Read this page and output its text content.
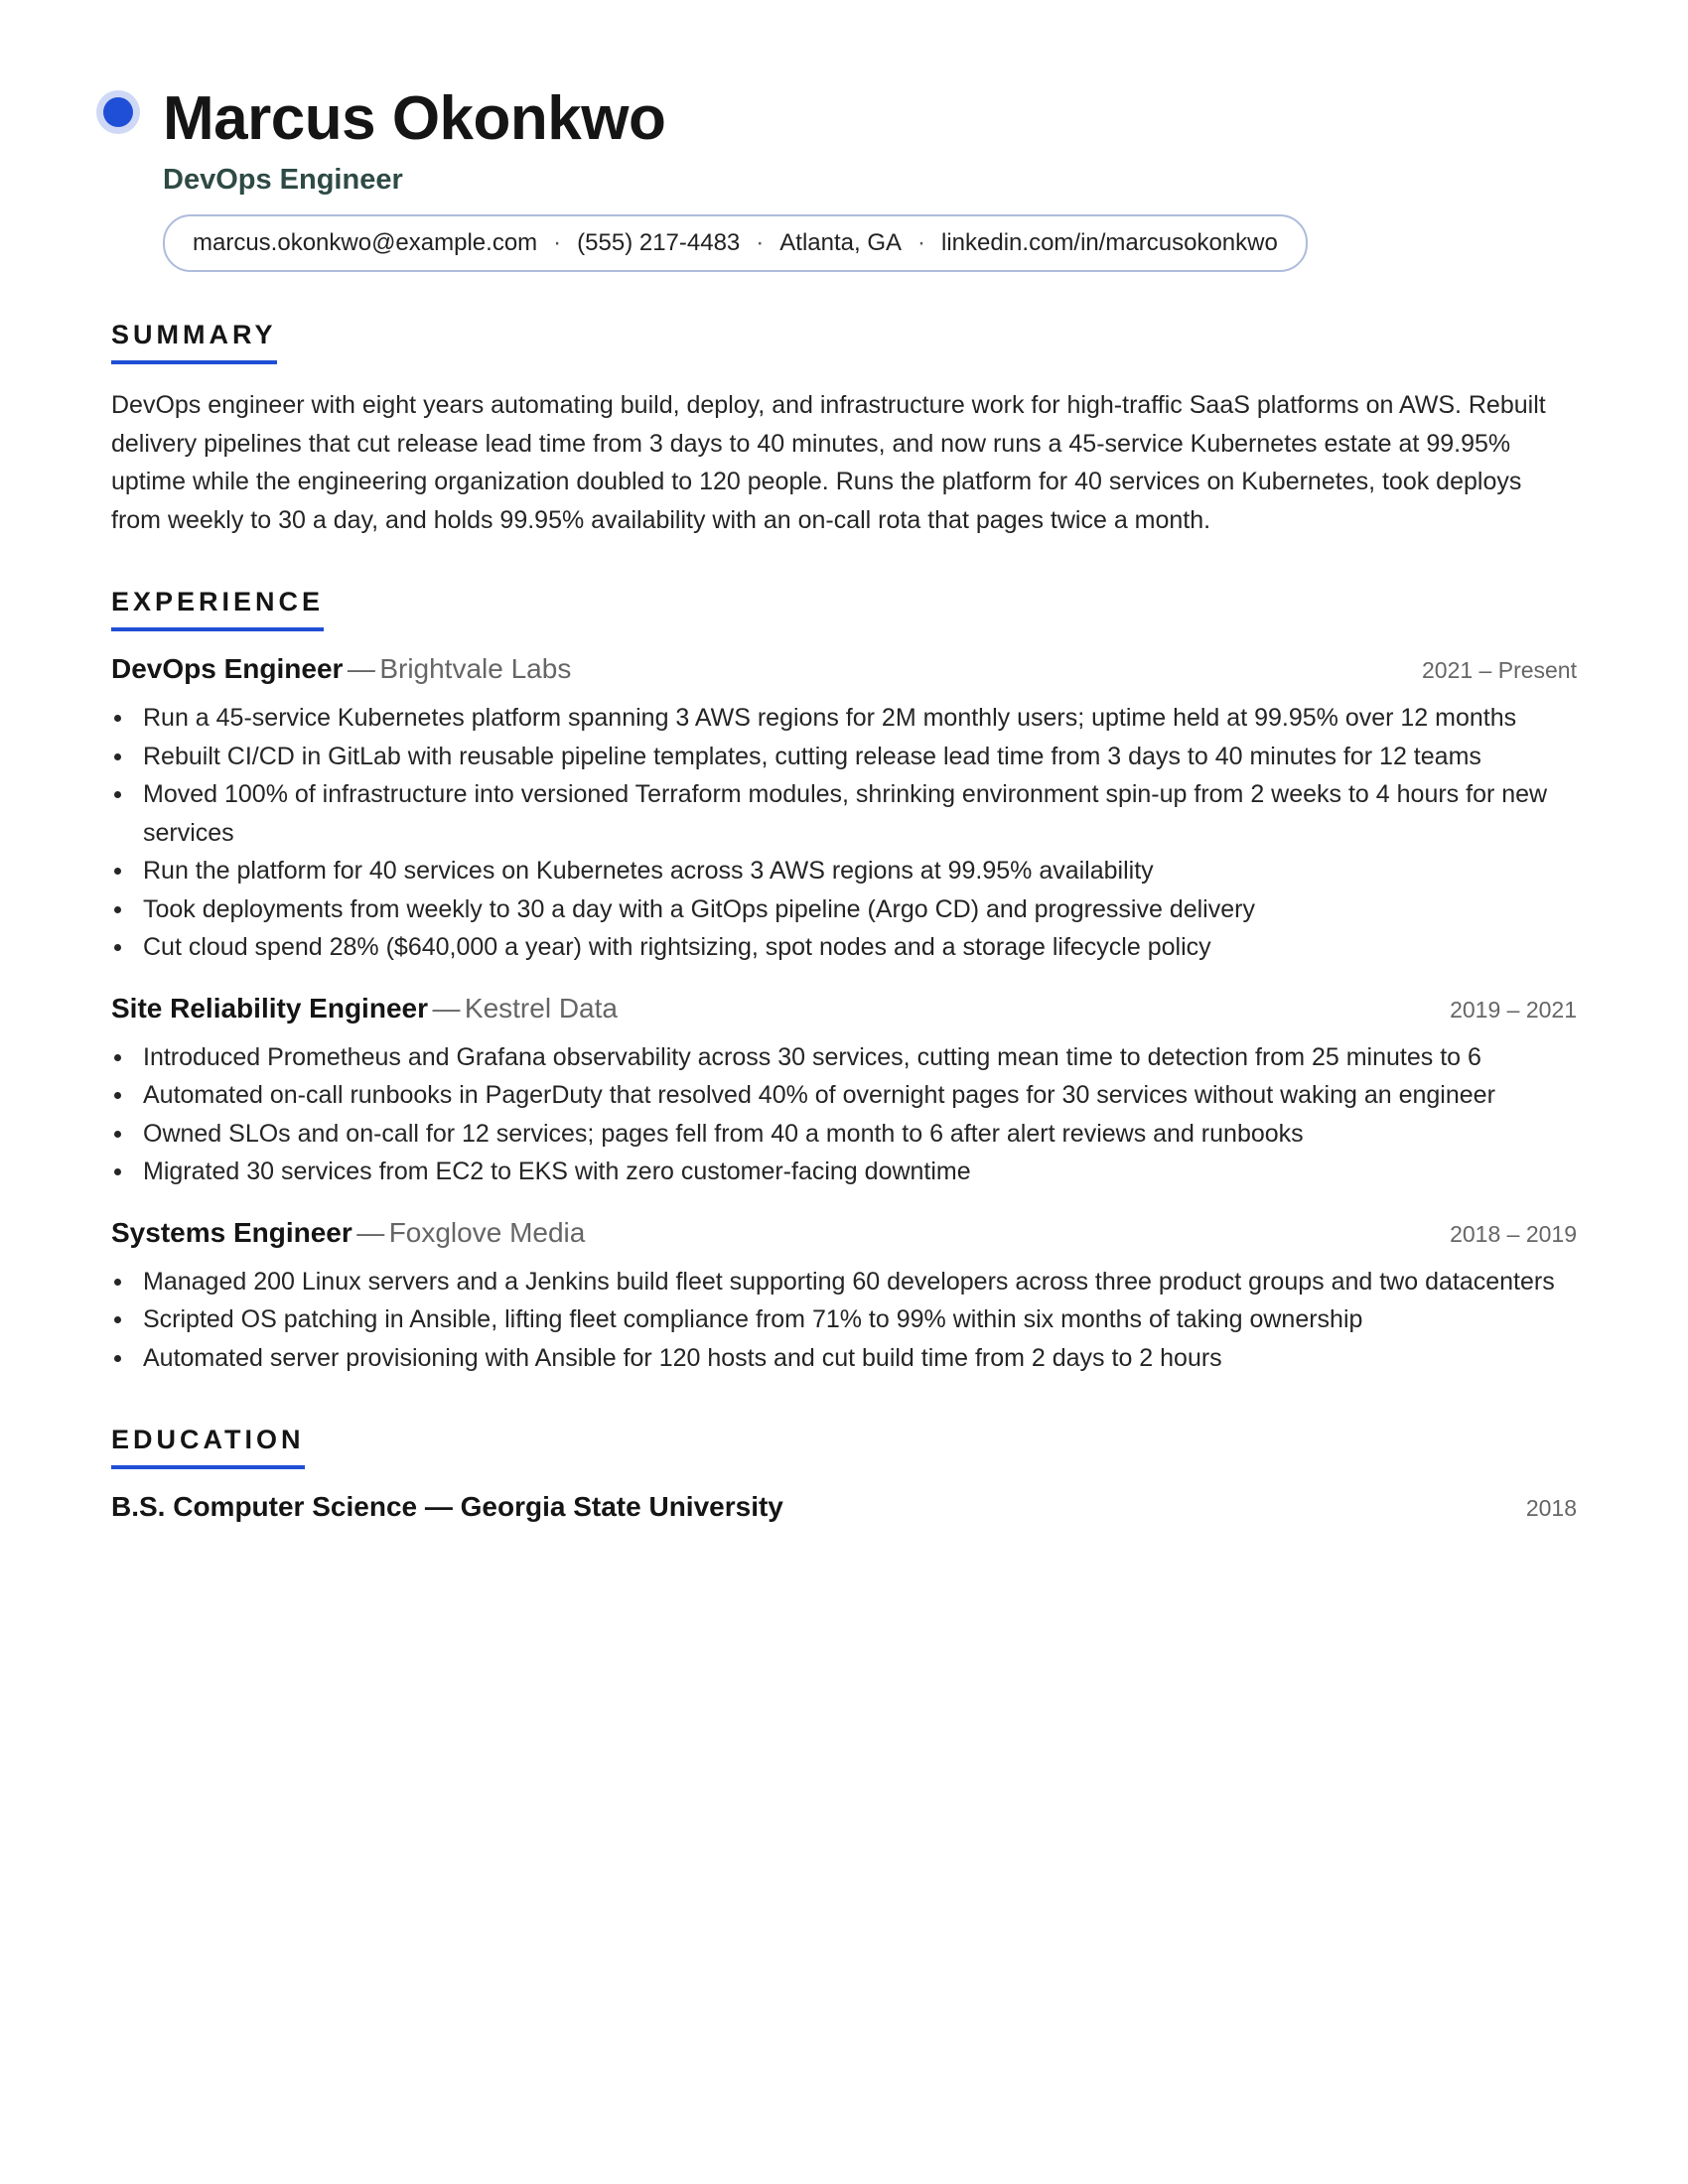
Marcus Okonkwo
DevOps Engineer
marcus.okonkwo@example.com · (555) 217-4483 · Atlanta, GA · linkedin.com/in/marcusokonkwo
SUMMARY
DevOps engineer with eight years automating build, deploy, and infrastructure work for high-traffic SaaS platforms on AWS. Rebuilt delivery pipelines that cut release lead time from 3 days to 40 minutes, and now runs a 45-service Kubernetes estate at 99.95% uptime while the engineering organization doubled to 120 people. Runs the platform for 40 services on Kubernetes, took deploys from weekly to 30 a day, and holds 99.95% availability with an on-call rota that pages twice a month.
EXPERIENCE
DevOps Engineer — Brightvale Labs	2021 – Present
Run a 45-service Kubernetes platform spanning 3 AWS regions for 2M monthly users; uptime held at 99.95% over 12 months
Rebuilt CI/CD in GitLab with reusable pipeline templates, cutting release lead time from 3 days to 40 minutes for 12 teams
Moved 100% of infrastructure into versioned Terraform modules, shrinking environment spin-up from 2 weeks to 4 hours for new services
Run the platform for 40 services on Kubernetes across 3 AWS regions at 99.95% availability
Took deployments from weekly to 30 a day with a GitOps pipeline (Argo CD) and progressive delivery
Cut cloud spend 28% ($640,000 a year) with rightsizing, spot nodes and a storage lifecycle policy
Site Reliability Engineer — Kestrel Data	2019 – 2021
Introduced Prometheus and Grafana observability across 30 services, cutting mean time to detection from 25 minutes to 6
Automated on-call runbooks in PagerDuty that resolved 40% of overnight pages for 30 services without waking an engineer
Owned SLOs and on-call for 12 services; pages fell from 40 a month to 6 after alert reviews and runbooks
Migrated 30 services from EC2 to EKS with zero customer-facing downtime
Systems Engineer — Foxglove Media	2018 – 2019
Managed 200 Linux servers and a Jenkins build fleet supporting 60 developers across three product groups and two datacenters
Scripted OS patching in Ansible, lifting fleet compliance from 71% to 99% within six months of taking ownership
Automated server provisioning with Ansible for 120 hosts and cut build time from 2 days to 2 hours
EDUCATION
B.S. Computer Science — Georgia State University	2018
